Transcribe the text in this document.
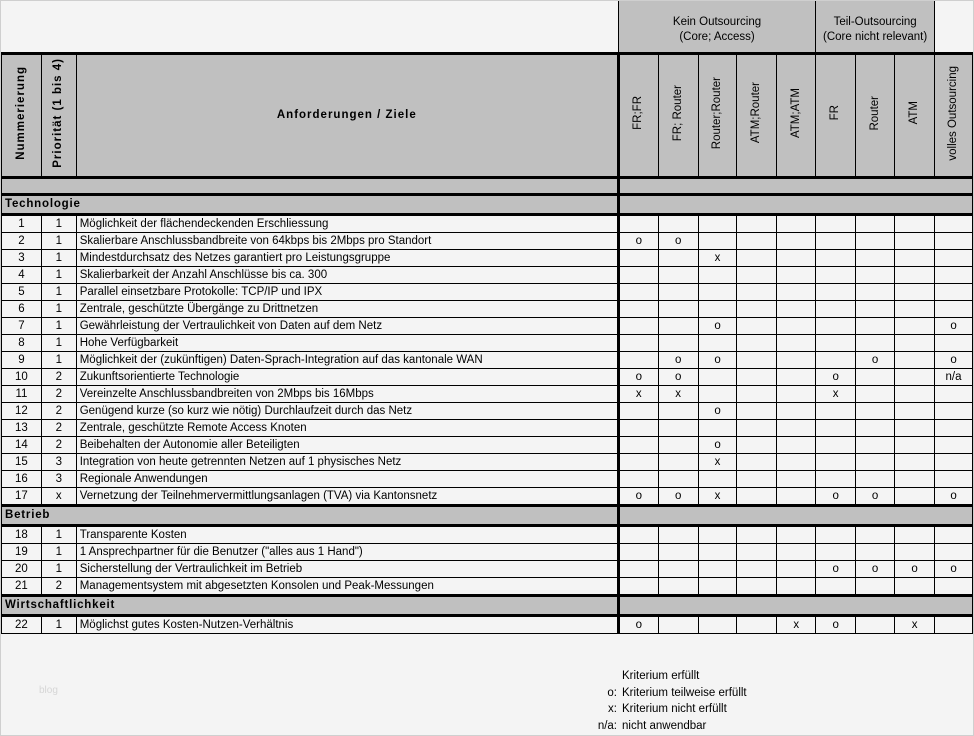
			Kein Outsourcing
(Core; Access)					Teil-Outsourcing
(Core nicht relevant)			
Nummerierung	Priorität (1 bis 4)	Anforderungen / Ziele	FR;FR	FR; Router	Router;Router	ATM;Router	ATM;ATM	FR	Router	ATM	volles Outsourcing

Technologie											
1	1	Möglichkeit der flächendeckenden Erschliessung									
2	1	Skalierbare Anschlussbandbreite von 64kbps bis 2Mbps pro Standort	o	o							
3	1	Mindestdurchsatz des Netzes garantiert pro Leistungsgruppe			x						
4	1	Skalierbarkeit der Anzahl Anschlüsse bis ca. 300									
5	1	Parallel einsetzbare Protokolle: TCP/IP und IPX									
6	1	Zentrale, geschützte Übergänge zu Drittnetzen									
7	1	Gewährleistung der Vertraulichkeit von Daten auf dem Netz			o						o
8	1	Hohe Verfügbarkeit									
9	1	Möglichkeit der (zukünftigen) Daten-Sprach-Integration auf das kantonale WAN		o	o				o		o
10	2	Zukunftsorientierte Technologie	o	o				o			n/a
11	2	Vereinzelte Anschlussbandbreiten von 2Mbps bis 16Mbps	x	x				x			
12	2	Genügend kurze (so kurz wie nötig) Durchlaufzeit durch das Netz			o						
13	2	Zentrale, geschützte Remote Access Knoten									
14	2	Beibehalten der Autonomie aller Beteiligten			o						
15	3	Integration von heute getrennten Netzen auf 1 physisches Netz			x						
16	3	Regionale Anwendungen									
17	x	Vernetzung der Teilnehmervermittlungsanlagen (TVA) via Kantonsnetz	o	o	x			o	o		o
Betrieb											
18	1	Transparente Kosten									
19	1	1 Ansprechpartner für die Benutzer ("alles aus 1 Hand")									
20	1	Sicherstellung der Vertraulichkeit im Betrieb						o	o	o	o
21	2	Managementsystem mit abgesetzten Konsolen und Peak-Messungen									
Wirtschaftlichkeit											
22	1	Möglichst gutes Kosten-Nutzen-Verhältnis	o				x	o		x	
Kriterium erfüllt
o: Kriterium teilweise erfüllt
x: Kriterium nicht erfüllt
n/a: nicht anwendbar
blog
